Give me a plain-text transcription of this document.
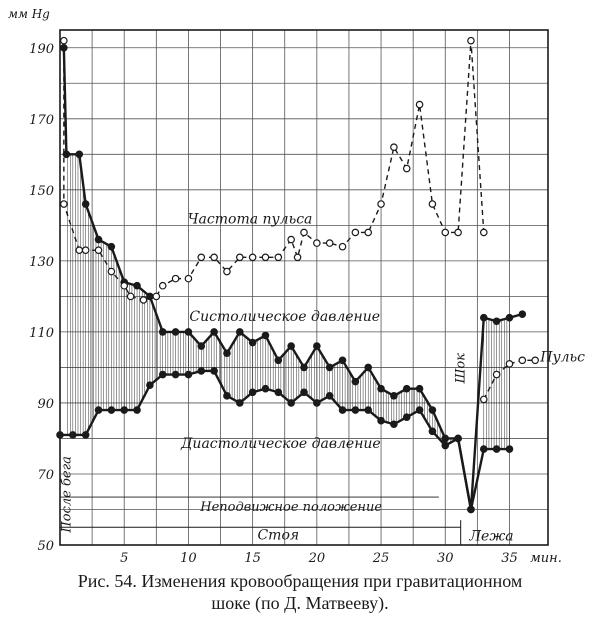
50
70
90
110
130
150
170
190
5	10	15	20	25	30	35
мм Hg
мин.
Частота пульса
Систолическое давление
Диастолическое давление
Неподвижное положение
Стоя	Лежа
После бега
Шок	Пульс
Рис. 54. Изменения кровообращения при гравитационном
шоке (по Д. Матвееву).
